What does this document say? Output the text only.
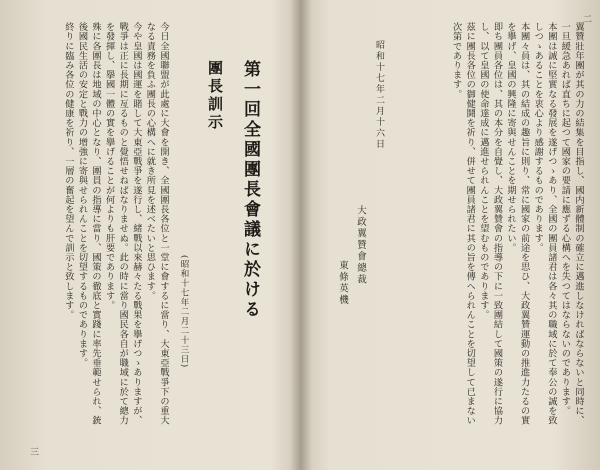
今日全國聯盟が此處に大會を開き、全國團長各位と一堂に會するに當り、大東亞戰爭下の重大なる責務を負ふ團長の心構へに就き所見を述べたいと思ひます。

今や皇國は國運を賭して大東亞戰爭を遂行し、緒戰以來赫々たる戰果を擧げつゝありますが、戰爭は正に長期に亙るものと覺悟せねばなりませぬ。此の時に當り國民各自が職域に於て總力を發揮し、擧國一體の實を擧げることが何よりも肝要であります。

殊に各團長は地域の中心となり、團員の指導に當り、國策の徹底と實踐に率先垂範せられ、銃後國民生活の安定と戰力の增強に寄與せられんことを切望するものであります。

終りに臨み各位の健康を祈り、一層の奮起を望んで訓示と致します。	(昭和十七年二月二十三日)
團長訓示 第一回全國團長會議に於ける
三
東條英機 大政翼贊會總裁
昭和十七年二月十六日	翼贊壯年團が其の力の結集を目指し、國内新體制の確立に邁進しなければならないと同時に、一旦緩急あれば直ちに起つて國家の要請に應ずる心構へを失つてはならないのであります。

本團は誠に堅實なる發展を遂げつゝあり、全國の團員諸君は各々其の職域に於て奉公の誠を致しつゝあることを衷心より感謝するものであります。

本團々員は、其の結成の趣旨に則り、常に國家の前途を思ひ、大政翼贊運動の推進力たるの實を擧げ、皇國の興隆に寄與せんことを期せられたい。

即ち團員各位は、其の本分を自覺し、大政翼贊會の指導の下に一致團結して國策の遂行に協力し、以て皇國の使命達成に邁進せられんことを望むものであります。

茲に團長各位の御健鬪を祈り、併せて團員諸君に其の旨を傳へられんことを切望して已まない次第であります。

二
